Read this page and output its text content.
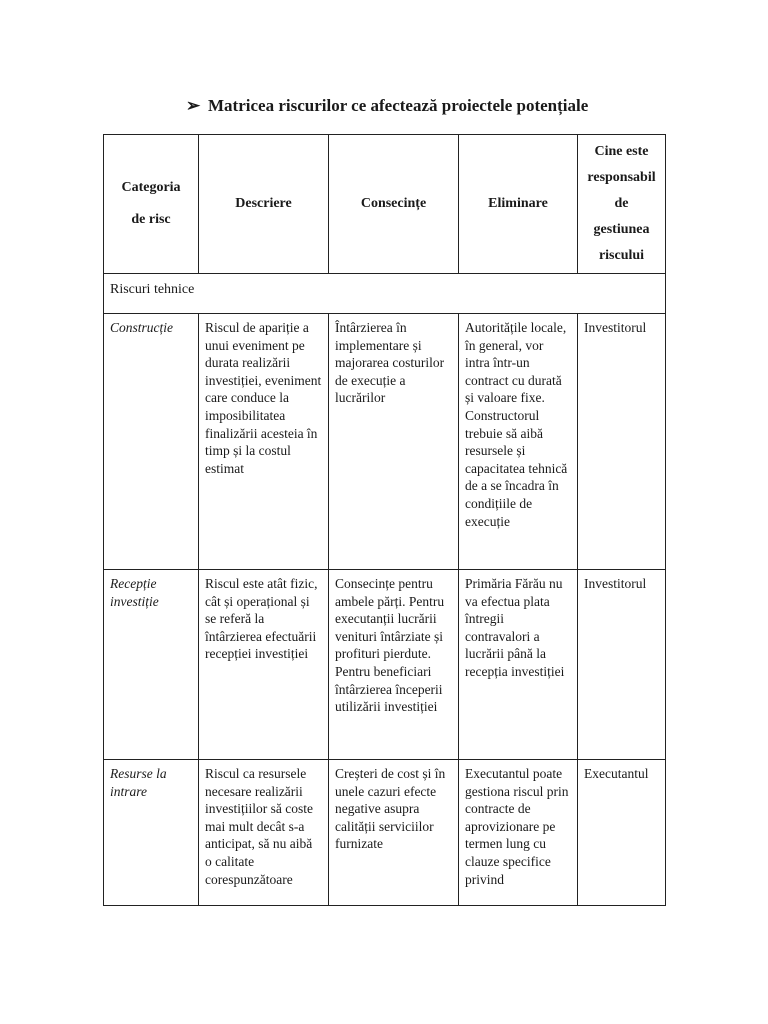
➢ Matricea riscurilor ce afectează proiectele potențiale
Categoria
de risc	Descriere	Consecințe	Eliminare	Cine este
responsabil
de
gestiunea
riscului

Riscuri tehnice				
Construcție	Riscul de apariție a unui eveniment pe durata realizării investiției, eveniment care conduce la imposibilitatea finalizării acesteia în timp și la costul estimat	Întârzierea în implementare și majorarea costurilor de execuție a lucrărilor	Autoritățile locale, în general, vor intra într-un contract cu durată și valoare fixe. Constructorul trebuie să aibă resursele și capacitatea tehnică de a se încadra în condițiile de execuție	Investitorul
Recepție investiție	Riscul este atât fizic, cât și operațional și se referă la întârzierea efectuării recepției investiției	Consecințe pentru ambele părți. Pentru executanții lucrării venituri întârziate și profituri pierdute. Pentru beneficiari întârzierea începerii utilizării investiției	Primăria Fărău nu va efectua plata întregii contravalori a lucrării până la recepția investiției	Investitorul
Resurse la intrare	Riscul ca resursele necesare realizării investițiilor să coste mai mult decât s-a anticipat, să nu aibă o calitate corespunzătoare	Creșteri de cost și în unele cazuri efecte negative asupra calității serviciilor furnizate	Executantul poate gestiona riscul prin contracte de aprovizionare pe termen lung cu clauze specifice privind	Executantul
